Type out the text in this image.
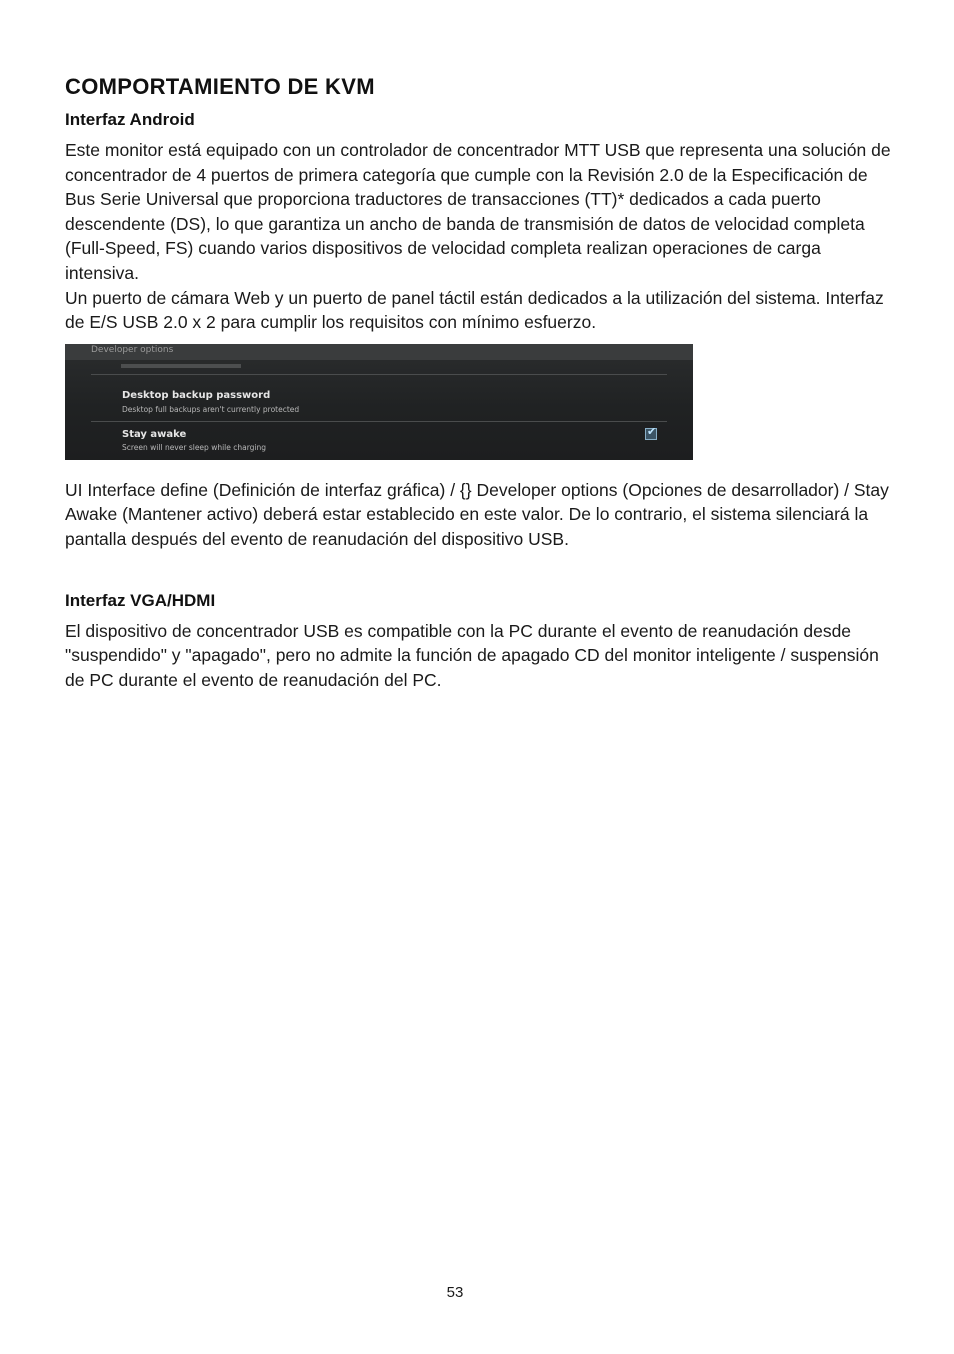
COMPORTAMIENTO DE KVM
Interfaz Android

Este monitor está equipado con un controlador de concentrador MTT USB que representa una solución de concentrador de 4 puertos de primera categoría que cumple con la Revisión 2.0 de la Especificación de Bus Serie Universal que proporciona traductores de transacciones (TT)* dedicados a cada puerto descendente (DS), lo que garantiza un ancho de banda de transmisión de datos de velocidad completa (Full-Speed, FS) cuando varios dispositivos de velocidad completa realizan operaciones de carga intensiva.

Un puerto de cámara Web y un puerto de panel táctil están dedicados a la utilización del sistema. Interfaz de E/S USB 2.0 x 2 para cumplir los requisitos con mínimo esfuerzo.

Developer options
Desktop backup password
Desktop full backups aren't currently protected
Stay awake
Screen will never sleep while charging
✔

UI Interface define (Definición de interfaz gráfica) / {} Developer options (Opciones de desarrollador) / Stay Awake (Mantener activo) deberá estar establecido en este valor. De lo contrario, el sistema silenciará la pantalla después del evento de reanudación del dispositivo USB.

Interfaz VGA/HDMI

El dispositivo de concentrador USB es compatible con la PC durante el evento de reanudación desde "suspendido" y "apagado", pero no admite la función de apagado CD del monitor inteligente / suspensión de PC durante el evento de reanudación del PC.

53
